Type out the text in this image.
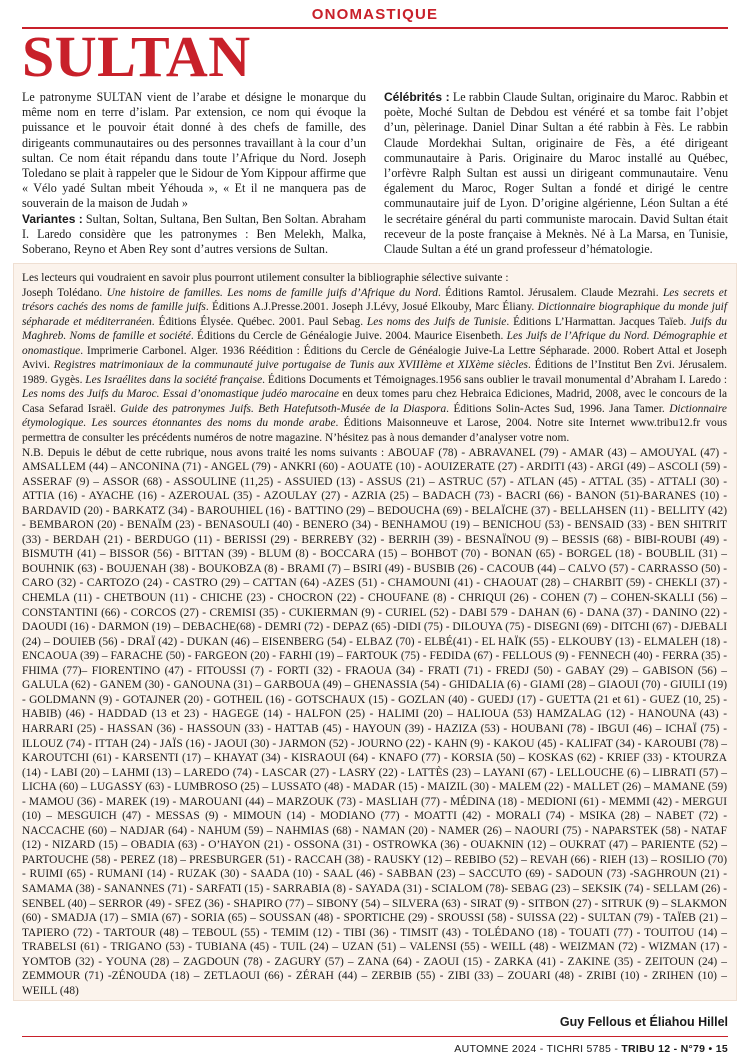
ONOMASTIQUE
SULTAN

Le patronyme SULTAN vient de l’arabe et désigne le monarque du même nom en terre d’islam. Par extension, ce nom qui évoque la puissance et le pouvoir était donné à des chefs de famille, des dirigeants communautaires ou des personnes travaillant à la cour d’un sultan. Ce nom était répandu dans toute l’Afrique du Nord. Joseph Toledano se plait à rappeler que le Sidour de Yom Kippour affirme que « Vélo yadé Sultan mbeit Yéhouda », « Et il ne manquera pas de souverain de la maison de Judah »

Variantes : Sultan, Soltan, Sultana, Ben Sultan, Ben Soltan. Abraham I. Laredo considère que les patronymes : Ben Melekh, Malka, Soberano, Reyno et Aben Rey sont d’autres versions de Sultan.

Célébrités : Le rabbin Claude Sultan, originaire du Maroc. Rabbin et poète, Moché Sultan de Debdou est vénéré et sa tombe fait l’objet d’un, pèlerinage. Daniel Dinar Sultan a été rabbin à Fès. Le rabbin Claude Mordekhai Sultan, originaire de Fès, a été dirigeant communautaire à Paris. Originaire du Maroc installé au Québec, l’orfèvre Ralph Sultan est aussi un dirigeant communautaire. Venu également du Maroc, Roger Sultan a fondé et dirigé le centre communautaire juif de Lyon. D’origine algérienne, Léon Sultan a été le secrétaire général du parti communiste marocain. David Sultan était receveur de la poste française à Meknès. Né à La Marsa, en Tunisie, Claude Sultan a été un grand professeur d’hématologie.

Les lecteurs qui voudraient en savoir plus pourront utilement consulter la bibliographie sélective suivante :

Joseph Tolédano. Une histoire de familles. Les noms de famille juifs d’Afrique du Nord. Éditions Ramtol. Jérusalem. Claude Mezrahi. Les secrets et trésors cachés des noms de famille juifs. Éditions A.J.Presse.2001. Joseph J.Lévy, Josué Elkouby, Marc Éliany. Dictionnaire biographique du monde juif sépharade et méditerranéen. Éditions Élysée. Québec. 2001. Paul Sebag. Les noms des Juifs de Tunisie. Éditions L’Harmattan. Jacques Taïeb. Juifs du Maghreb. Noms de famille et société. Éditions du Cercle de Généalogie Juive. 2004. Maurice Eisenbeth. Les Juifs de l’Afrique du Nord. Démographie et onomastique. Imprimerie Carbonel. Alger. 1936 Réédition : Éditions du Cercle de Généalogie Juive-La Lettre Sépharade. 2000. Robert Attal et Joseph Avivi. Registres matrimoniaux de la communauté juive portugaise de Tunis aux XVIIIème et XIXème siècles. Éditions de l’Institut Ben Zvi. Jérusalem. 1989. Gygès. Les Israélites dans la société française. Éditions Documents et Témoignages.1956 sans oublier le travail monumental d’Abraham I. Laredo : Les noms des Juifs du Maroc. Essai d’onomastique judéo marocaine en deux tomes paru chez Hebraica Ediciones, Madrid, 2008, avec le concours de la Casa Sefarad Israël. Guide des patronymes Juifs. Beth Hatefutsoth-Musée de la Diaspora. Éditions Solin-Actes Sud, 1996. Jana Tamer. Dictionnaire étymologique. Les sources étonnantes des noms du monde arabe. Éditions Maisonneuve et Larose, 2004. Notre site Internet www.tribu12.fr vous permettra de consulter les précédents numéros de notre magazine. N’hésitez pas à nous demander d’analyser votre nom.

N.B. Depuis le début de cette rubrique, nous avons traité les noms suivants : ABOUAF (78) - ABRAVANEL (79) - AMAR (43) – AMOUYAL (47) - AMSALLEM (44) – ANCONINA (71) - ANGEL (79) - ANKRI (60) - AOUATE (10) - AOUIZERATE (27) - ARDITI (43) - ARGI (49) – ASCOLI (59) - ASSERAF (9) – ASSOR (68) - ASSOULINE (11,25) - ASSUIED (13) - ASSUS (21) – ASTRUC (57) - ATLAN (45) - ATTAL (35) - ATTALI (30) - ATTIA (16) - AYACHE (16) - AZEROUAL (35) - AZOULAY (27) - AZRIA (25) – BADACH (73) - BACRI (66) - BANON (51)-BARANES (10) - BARDAVID (20) - BARKATZ (34) - BAROUHIEL (16) - BATTINO (29) – BEDOUCHA (69) - BELAÏCHE (37) - BELLAHSEN (11) - BELLITY (42) - BEMBARON (20) - BENAÏM (23) - BENASOULI (40) - BENERO (34) - BENHAMOU (19) – BENICHOU (53) - BENSAID (33) - BEN SHITRIT (33) - BERDAH (21) - BERDUGO (11) - BERISSI (29) - BERREBY (32) - BERRIH (39) - BESNAÏNOU (9) – BESSIS (68) - BIBI-ROUBI (49) - BISMUTH (41) – BISSOR (56) - BITTAN (39) - BLUM (8) - BOCCARA (15) – BOHBOT (70) - BONAN (65) - BORGEL (18) - BOUBLIL (31) – BOUHNIK (63) - BOUJENAH (38) - BOUKOBZA (8) - BRAMI (7) – BSIRI (49) - BUSBIB (26) - CACOUB (44) – CALVO (57) - CARRASSO (50) - CARO (32) - CARTOZO (24) - CASTRO (29) – CATTAN (64) -AZES (51) - CHAMOUNI (41) - CHAOUAT (28) – CHARBIT (59) - CHEKLI (37) - CHEMLA (11) - CHETBOUN (11) - CHICHE (23) - CHOCRON (22) - CHOUFANE (8) - CHRIQUI (26) - COHEN (7) – COHEN-SKALLI (56) – CONSTANTINI (66) - CORCOS (27) - CREMISI (35) - CUKIERMAN (9) - CURIEL (52) - DABI 579 - DAHAN (6) - DANA (37) - DANINO (22) - DAOUDI (16) - DARMON (19) – DEBACHE(68) - DEMRI (72) - DEPAZ (65) -DIDI (75) - DILOUYA (75) - DISEGNI (69) - DITCHI (67) - DJEBALI (24) – DOUIEB (56) - DRAÏ (42) - DUKAN (46) – EISENBERG (54) - ELBAZ (70) - ELBÉ(41) - EL HAÏK (55) - ELKOUBY (13) - ELMALEH (18) - ENCAOUA (39) – FARACHE (50) - FARGEON (20) - FARHI (19) – FARTOUK (75) - FEDIDA (67) - FELLOUS (9) - FENNECH (40) - FERRA (35) - FHIMA (77)– FIORENTINO (47) - FITOUSSI (7) - FORTI (32) - FRAOUA (34) - FRATI (71) - FREDJ (50) - GABAY (29) – GABISON (56) – GALULA (62) - GANEM (30) - GANOUNA (31) – GARBOUA (49) – GHENASSIA (54) - GHIDALIA (6) - GIAMI (28) – GIAOUI (70) - GIUILI (19) - GOLDMANN (9) - GOTAJNER (20) - GOTHEIL (16) - GOTSCHAUX (15) - GOZLAN (40) - GUEDJ (17) - GUETTA (21 et 61) - GUEZ (10, 25) - HABIB) (46) - HADDAD (13 et 23) - HAGEGE (14) - HALFON (25) - HALIMI (20) – HALIOUA (53) HAMZALAG (12) - HANOUNA (43) - HARRARI (25) - HASSAN (36) - HASSOUN (33) - HATTAB (45) - HAYOUN (39) - HAZIZA (53) - HOUBANI (78) - IBGUI (46) – ICHAÏ (75) - ILLOUZ (74) - ITTAH (24) - JAÏS (16) - JAOUI (30) - JARMON (52) - JOURNO (22) - KAHN (9) - KAKOU (45) - KALIFAT (34) - KAROUBI (78) – KAROUTCHI (61) - KARSENTI (17) – KHAYAT (34) - KISRAOUI (64) - KNAFO (77) - KORSIA (50) – KOSKAS (62) - KRIEF (33) - KTOURZA (14) - LABI (20) – LAHMI (13) – LAREDO (74) - LASCAR (27) - LASRY (22) - LATTÈS (23) – LAYANI (67) - LELLOUCHE (6) – LIBRATI (57) – LICHA (60) – LUGASSY (63) - LUMBROSO (25) – LUSSATO (48) - MADAR (15) - MAIZIL (30) - MALEM (22) - MALLET (26) – MAMANE (59) - MAMOU (36) - MAREK (19) - MAROUANI (44) – MARZOUK (73) - MASLIAH (77) - MÉDINA (18) - MEDIONI (61) - MEMMI (42) - MERGUI (10) – MESGUICH (47) - MESSAS (9) - MIMOUN (14) - MODIANO (77) - MOATTI (42) - MORALI (74) - MSIKA (28) – NABET (72) - NACCACHE (60) – NADJAR (64) - NAHUM (59) – NAHMIAS (68) - NAMAN (20) - NAMER (26) – NAOURI (75) - NAPARSTEK (58) - NATAF (12) - NIZARD (15) – OBADIA (63) - O’HAYON (21) - OSSONA (31) - OSTROWKA (36) - OUAKNIN (12) – OUKRAT (47) – PARIENTE (52) – PARTOUCHE (58) - PEREZ (18) – PRESBURGER (51) - RACCAH (38) - RAUSKY (12) – REBIBO (52) – REVAH (66) - RIEH (13) – ROSILIO (70) - RUIMI (65) - RUMANI (14) - RUZAK (30) - SAADA (10) - SAAL (46) - SABBAN (23) – SACCUTO (69) - SADOUN (73) -SAGHROUN (21) - SAMAMA (38) - SANANNES (71) - SARFATI (15) - SARRABIA (8) - SAYADA (31) - SCIALOM (78)- SEBAG (23) – SEKSIK (74) - SELLAM (26) - SENBEL (40) – SERROR (49) - SFEZ (36) - SHAPIRO (77) – SIBONY (54) – SILVERA (63) - SIRAT (9) - SITBON (27) - SITRUK (9) – SLAKMON (60) - SMADJA (17) – SMIA (67) - SORIA (65) – SOUSSAN (48) - SPORTICHE (29) - SROUSSI (58) - SUISSA (22) - SULTAN (79) - TAÏEB (21) – TAPIERO (72) - TARTOUR (48) – TEBOUL (55) - TEMIM (12) - TIBI (36) - TIMSIT (43) - TOLÉDANO (18) - TOUATI (77) - TOUITOU (14) – TRABELSI (61) - TRIGANO (53) - TUBIANA (45) - TUIL (24) – UZAN (51) – VALENSI (55) - WEILL (48) - WEIZMAN (72) - WIZMAN (17) - YOMTOB (32) - YOUNA (28) – ZAGDOUN (78) - ZAGURY (57) – ZANA (64) - ZAOUI (15) - ZARKA (41) - ZAKINE (35) - ZEITOUN (24) – ZEMMOUR (71) -ZÉNOUDA (18) – ZETLAOUI (66) - ZÉRAH (44) – ZERBIB (55) - ZIBI (33) – ZOUARI (48) - ZRIBI (10) - ZRIHEN (10) – WEILL (48)

Guy Fellous et Éliahou Hillel
AUTOMNE 2024 - TICHRI 5785 - TRIBU 12 - N°79 • 15
